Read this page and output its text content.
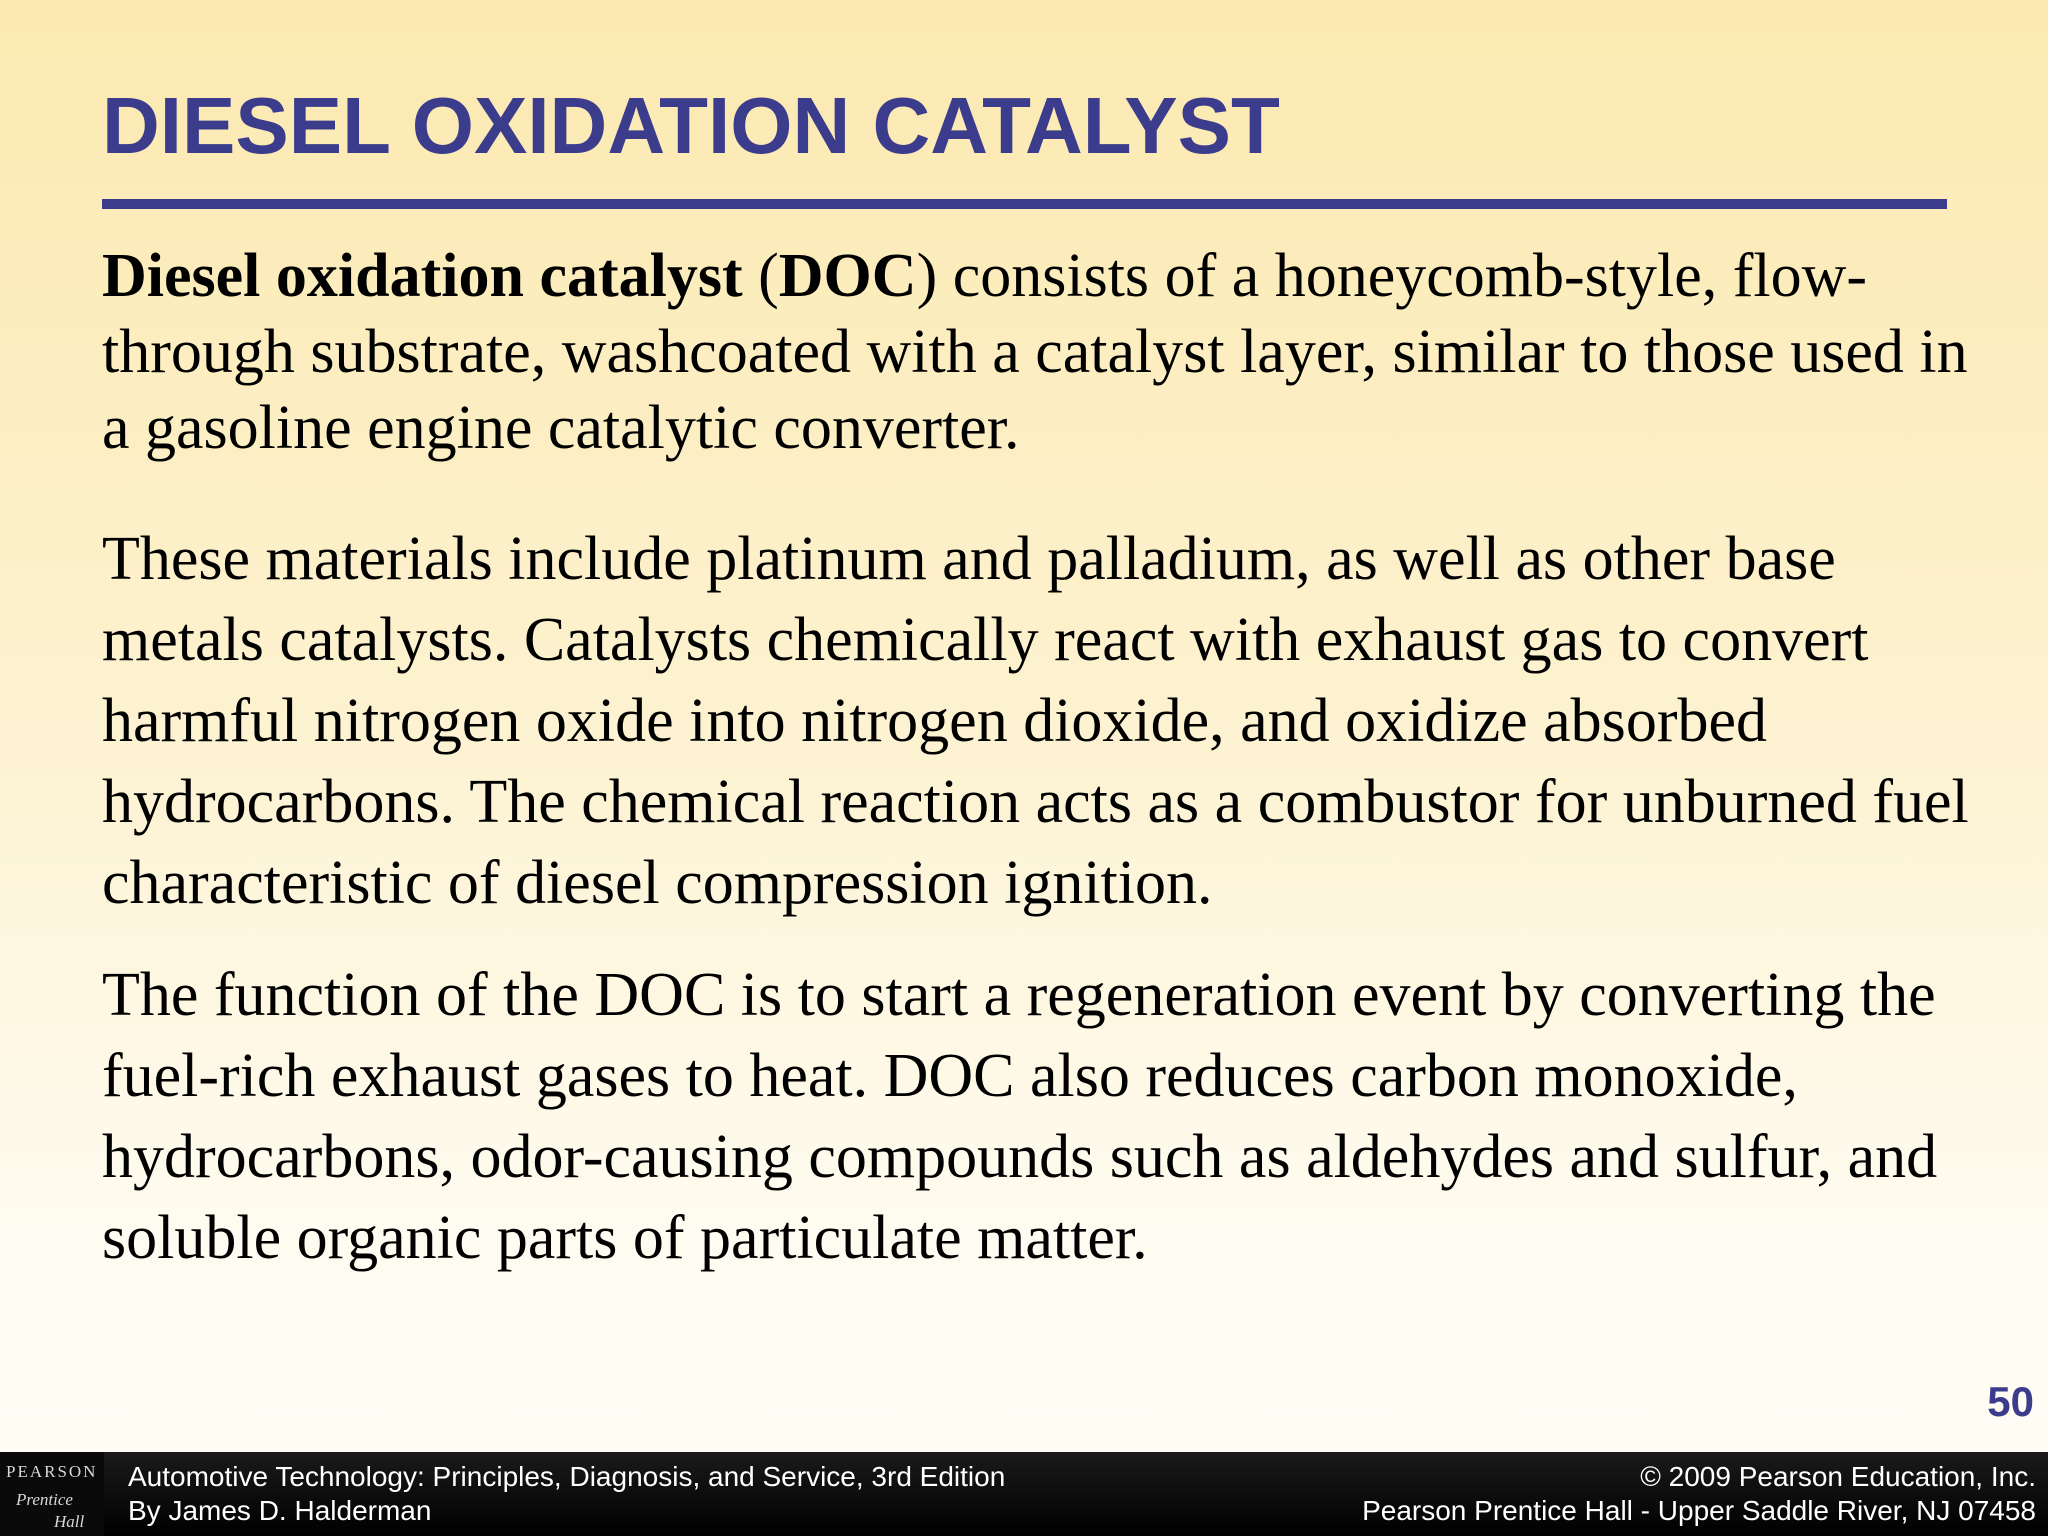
DIESEL OXIDATION CATALYST

Diesel oxidation catalyst (DOC) consists of a honeycomb-style, flow-through substrate, washcoated with a catalyst layer, similar to those used in a gasoline engine catalytic converter.

These materials include platinum and palladium, as well as other base metals catalysts. Catalysts chemically react with exhaust gas to convert harmful nitrogen oxide into nitrogen dioxide, and oxidize absorbed hydrocarbons. The chemical reaction acts as a combustor for unburned fuel characteristic of diesel compression ignition.

The function of the DOC is to start a regeneration event by converting the fuel-rich exhaust gases to heat. DOC also reduces carbon monoxide, hydrocarbons, odor-causing compounds such as aldehydes and sulfur, and soluble organic parts of particulate matter.

50
PEARSON
Prentice
Hall
Automotive Technology: Principles, Diagnosis, and Service, 3rd Edition
By James D. Halderman
© 2009 Pearson Education, Inc.
Pearson Prentice Hall - Upper Saddle River, NJ 07458
